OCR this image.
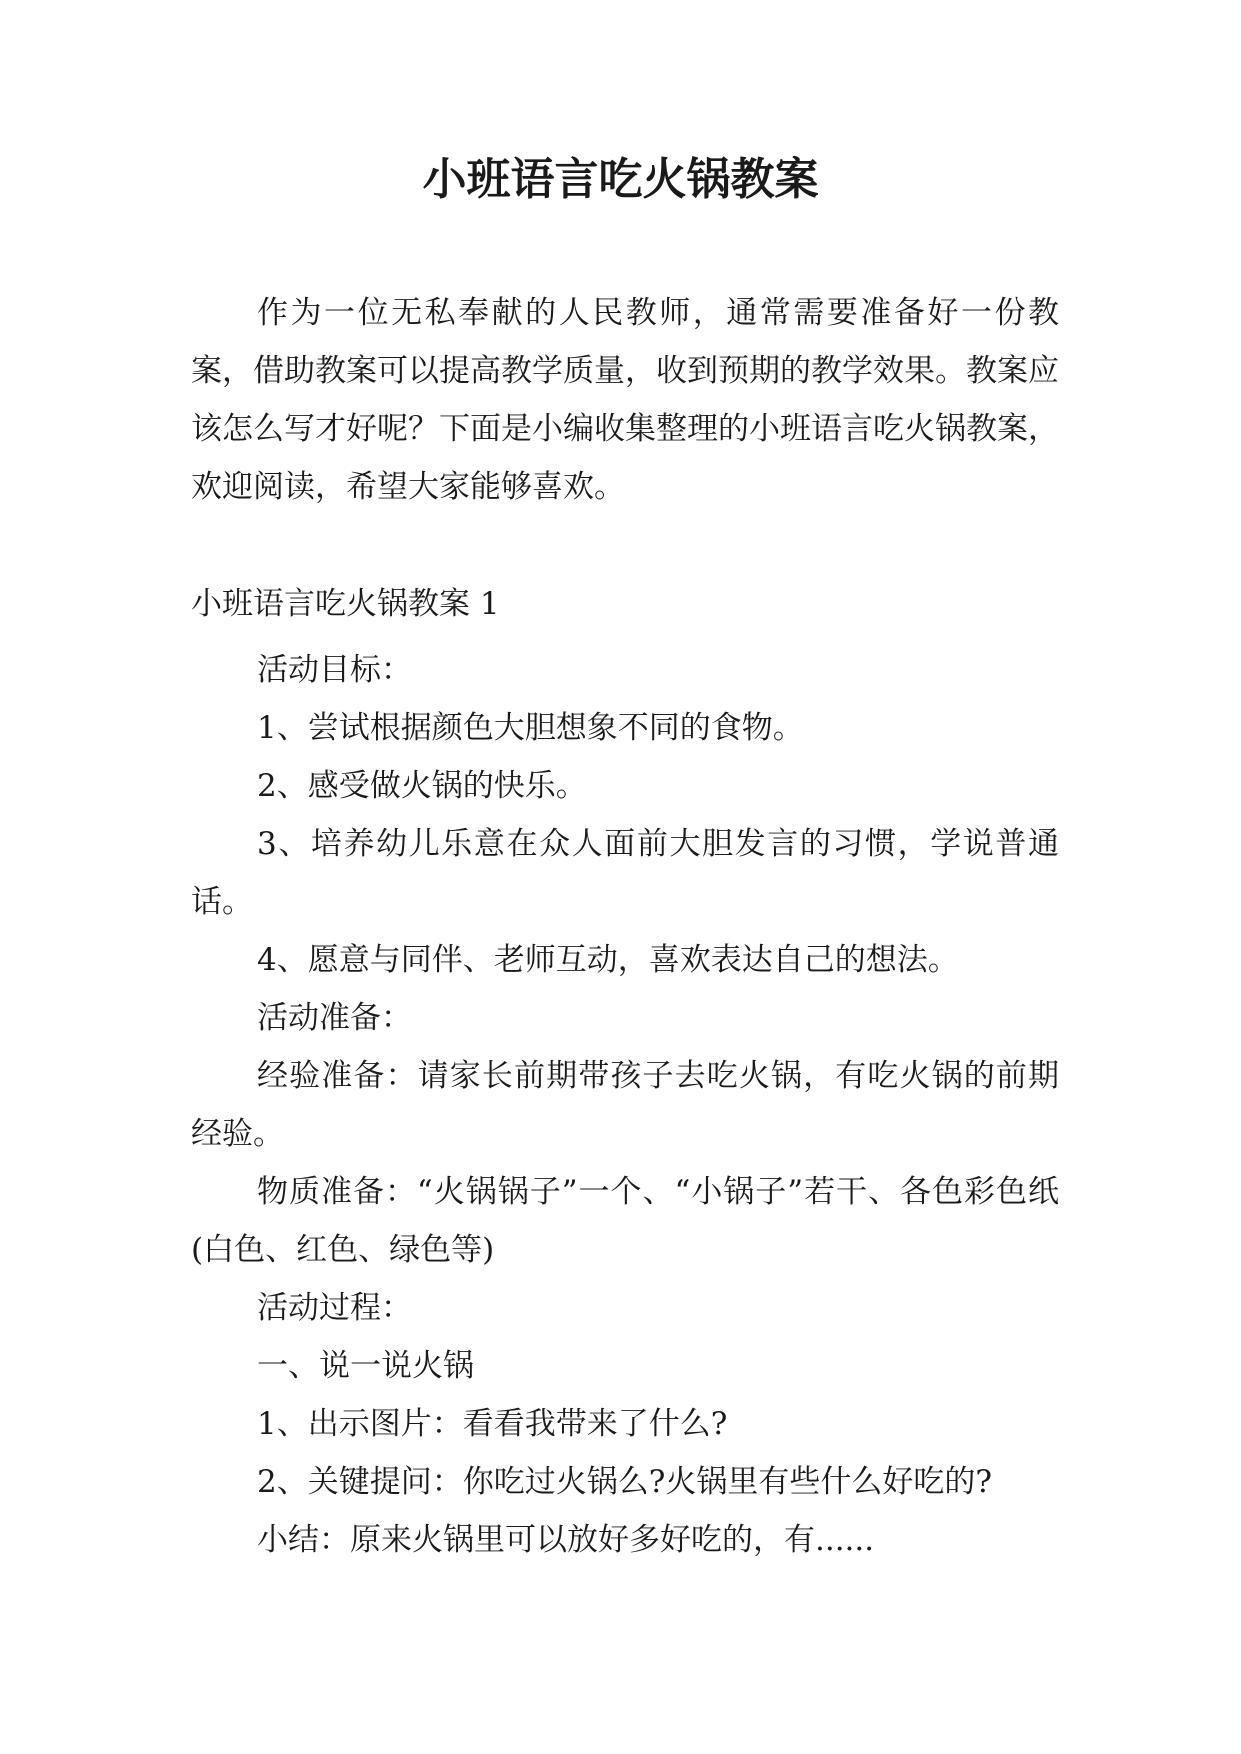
小班语言吃火锅教案

作为一位无私奉献的人民教师，通常需要准备好一份教案，借助教案可以提高教学质量，收到预期的教学效果。教案应该怎么写才好呢？下面是小编收集整理的小班语言吃火锅教案，欢迎阅读，希望大家能够喜欢。

小班语言吃火锅教案 1

活动目标：

1、尝试根据颜色大胆想象不同的食物。

2、感受做火锅的快乐。

3、培养幼儿乐意在众人面前大胆发言的习惯，学说普通话。

4、愿意与同伴、老师互动，喜欢表达自己的想法。

活动准备：

经验准备：请家长前期带孩子去吃火锅，有吃火锅的前期经验。

物质准备：“火锅锅子”一个、“小锅子”若干、各色彩色纸(白色、红色、绿色等)

活动过程：

一、说一说火锅

1、出示图片：看看我带来了什么?

2、关键提问：你吃过火锅么?火锅里有些什么好吃的?

小结：原来火锅里可以放好多好吃的，有......
